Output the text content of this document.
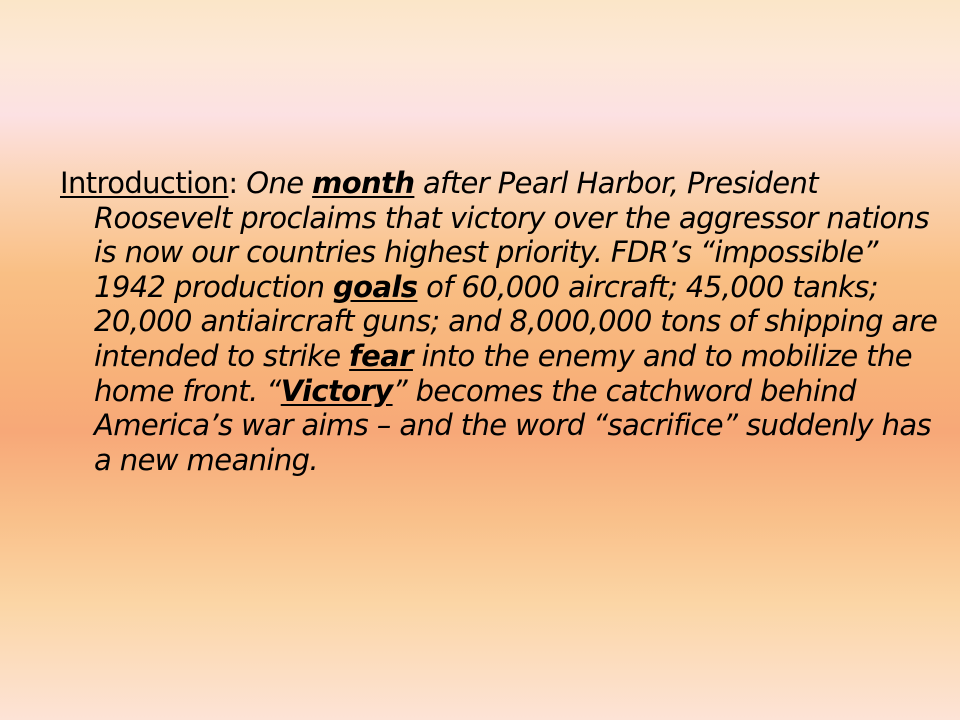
Introduction: One month after Pearl Harbor, President Roosevelt proclaims that victory over the aggressor nations is now our countries highest priority. FDR’s “impossible” 1942 production goals of 60,000 aircraft; 45,000 tanks; 20,000 antiaircraft guns; and 8,000,000 tons of shipping are intended to strike fear into the enemy and to mobilize the home front. “Victory” becomes the catchword behind America’s war aims – and the word “sacrifice” suddenly has a new meaning.
